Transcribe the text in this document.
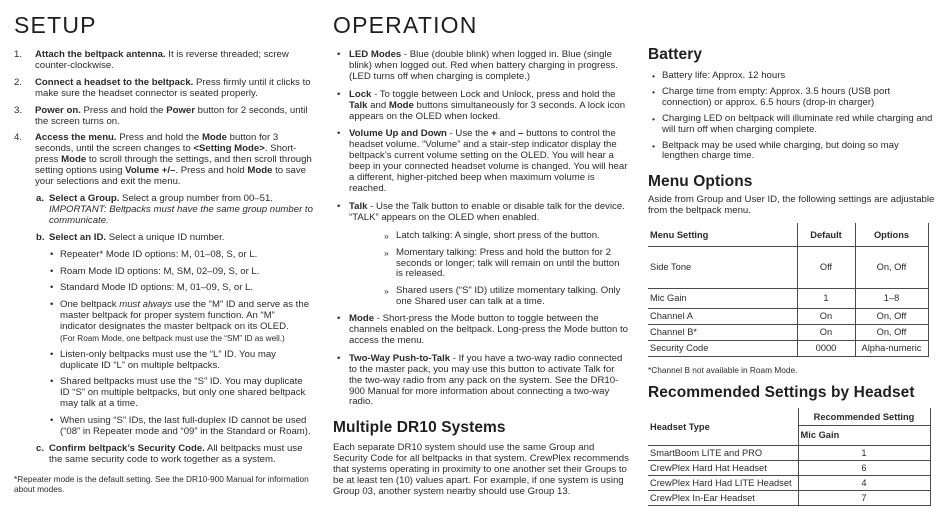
SETUP
1.	Attach the beltpack antenna. It is reverse threaded; screw counter-clockwise.

2.	Connect a headset to the beltpack. Press firmly until it clicks to make sure the headset connector is seated properly.

3.	Power on. Press and hold the Power button for 2 seconds, until the screen turns on.

4.	Access the menu. Press and hold the Mode button for 3 seconds, until the screen changes to <Setting Mode>. Short-press Mode to scroll through the settings, and then scroll through setting options using Volume +/–. Press and hold Mode to save your selections and exit the menu.

a. Select a Group. Select a group number from 00–51. IMPORTANT: Beltpacks must have the same group number to communicate.

b. Select an ID. Select a unique ID number.

• Repeater* Mode ID options: M, 01–08, S, or L.

• Roam Mode ID options: M, SM, 02–09, S, or L.

• Standard Mode ID options: M, 01–09, S, or L.

• One beltpack must always use the “M” ID and serve as the master beltpack for proper system function. An “M” indicator designates the master beltpack on its OLED.
(For Roam Mode, one beltpack must use the “SM” ID as well.)

• Listen-only beltpacks must use the “L” ID. You may duplicate ID “L” on multiple beltpacks.

• Shared beltpacks must use the “S” ID. You may duplicate ID “S” on multiple beltpacks, but only one shared beltpack may talk at a time.

• When using “S” IDs, the last full-duplex ID cannot be used (“08” in Repeater mode and “09” in the Standard or Roam).

c. Confirm beltpack’s Security Code. All beltpacks must use the same security code to work together as a system.

*Repeater mode is the default setting. See the DR10-900 Manual for information about modes.

OPERATION
• LED Modes - Blue (double blink) when logged in. Blue (single blink) when logged out. Red when battery charging in progress. (LED turns off when charging is complete.)

• Lock - To toggle between Lock and Unlock, press and hold the Talk and Mode buttons simultaneously for 3 seconds. A lock icon appears on the OLED when locked.

• Volume Up and Down - Use the + and – buttons to control the headset volume. “Volume” and a stair-step indicator display the beltpack’s current volume setting on the OLED. You will hear a beep in your connected headset volume is changed. You will hear a different, higher-pitched beep when maximum volume is reached.

• Talk - Use the Talk button to enable or disable talk for the device. “TALK” appears on the OLED when enabled.

» Latch talking: A single, short press of the button.

» Momentary talking: Press and hold the button for 2 seconds or longer; talk will remain on until the button is released.

» Shared users (“S” ID) utilize momentary talking. Only one Shared user can talk at a time.

• Mode - Short-press the Mode button to toggle between the channels enabled on the beltpack. Long-press the Mode button to access the menu.

• Two-Way Push-to-Talk - If you have a two-way radio connected to the master pack, you may use this button to activate Talk for the two-way radio from any pack on the system. See the DR10-900 Manual for more information about connecting a two-way radio.

Multiple DR10 Systems

Each separate DR10 system should use the same Group and Security Code for all beltpacks in that system. CrewPlex recommends that systems operating in proximity to one another set their Groups to be at least ten (10) values apart. For example, if one system is using Group 03, another system nearby should use Group 13.

Battery
• Battery life: Approx. 12 hours

• Charge time from empty: Approx. 3.5 hours (USB port connection) or approx. 6.5 hours (drop-in charger)

• Charging LED on beltpack will illuminate red while charging and will turn off when charging complete.

• Beltpack may be used while charging, but doing so may lengthen charge time.

Menu Options

Aside from Group and User ID, the following settings are adjustable from the beltpack menu.

Menu Setting	Default	Options
Side Tone	Off	On, Off
Mic Gain	1	1–8
Channel A	On	On, Off
Channel B*	On	On, Off
Security Code	0000	Alpha-numeric

*Channel B not available in Roam Mode.

Recommended Settings by Headset
Headset Type	Recommended Setting
	Mic Gain
SmartBoom LITE and PRO	1
CrewPlex Hard Hat Headset	6
CrewPlex Hard Had LITE Headset	4
CrewPlex In-Ear Headset	7
